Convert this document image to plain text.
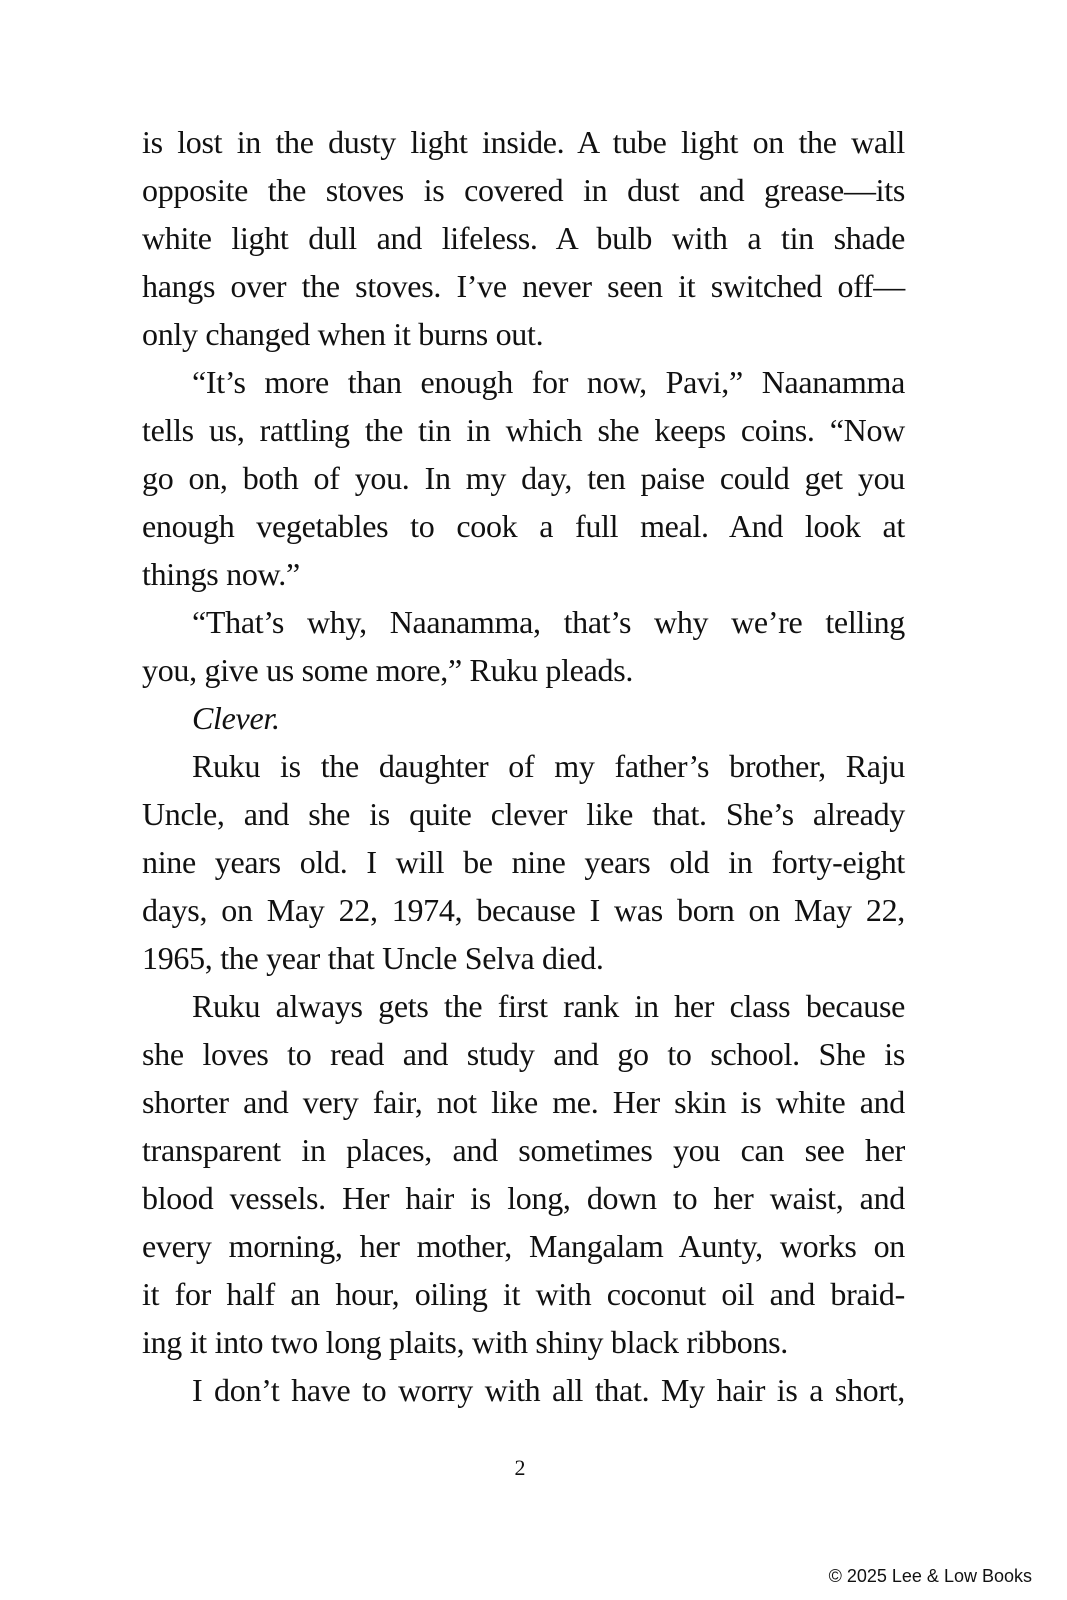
is lost in the dusty light inside. A tube light on the wall
opposite the stoves is covered in dust and grease—its
white light dull and lifeless. A bulb with a tin shade
hangs over the stoves. I’ve never seen it switched off—
only changed when it burns out.
“It’s more than enough for now, Pavi,” Naanamma
tells us, rattling the tin in which she keeps coins. “Now
go on, both of you. In my day, ten paise could get you
enough vegetables to cook a full meal. And look at
things now.”
“That’s why, Naanamma, that’s why we’re telling
you, give us some more,” Ruku pleads.
Clever.
Ruku is the daughter of my father’s brother, Raju
Uncle, and she is quite clever like that. She’s already
nine years old. I will be nine years old in forty-eight
days, on May 22, 1974, because I was born on May 22,
1965, the year that Uncle Selva died.
Ruku always gets the first rank in her class because
she loves to read and study and go to school. She is
shorter and very fair, not like me. Her skin is white and
transparent in places, and sometimes you can see her
blood vessels. Her hair is long, down to her waist, and
every morning, her mother, Mangalam Aunty, works on
it for half an hour, oiling it with coconut oil and braid-
ing it into two long plaits, with shiny black ribbons.
I don’t have to worry with all that. My hair is a short,
2
© 2025 Lee & Low Books
